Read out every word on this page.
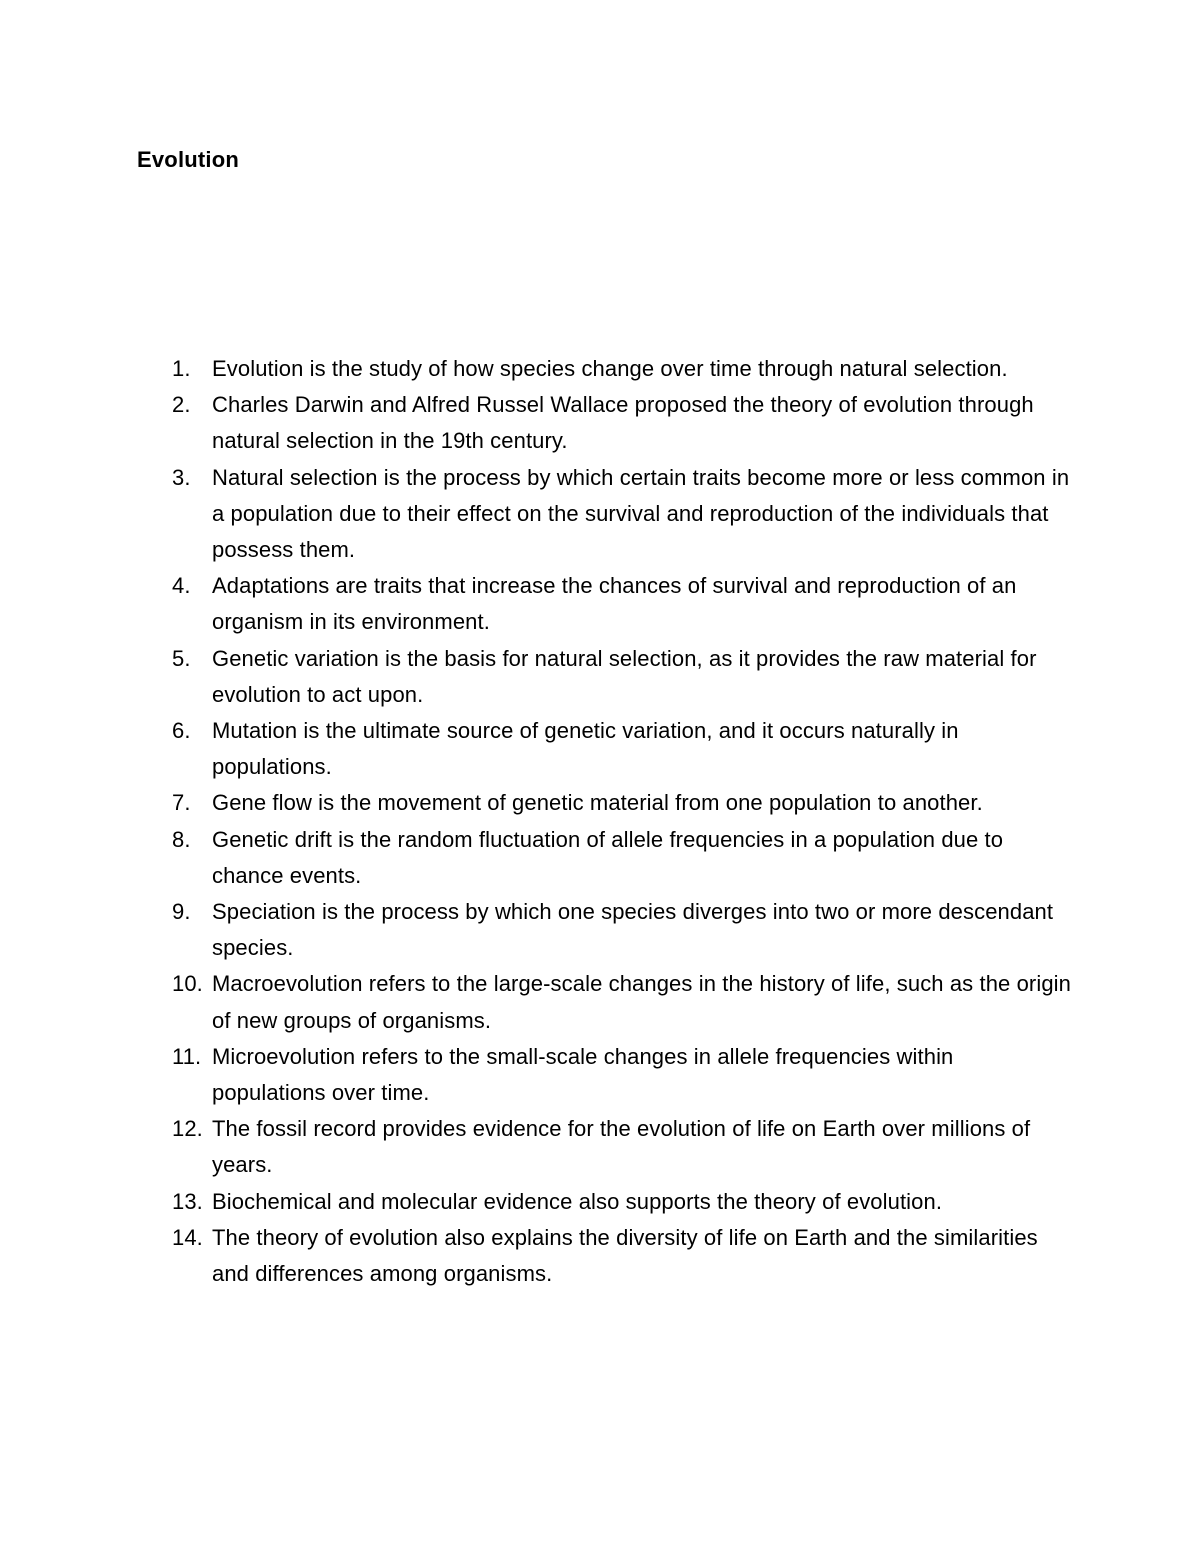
Evolution
1. Evolution is the study of how species change over time through natural selection.
2. Charles Darwin and Alfred Russel Wallace proposed the theory of evolution through natural selection in the 19th century.
3. Natural selection is the process by which certain traits become more or less common in a population due to their effect on the survival and reproduction of the individuals that possess them.
4. Adaptations are traits that increase the chances of survival and reproduction of an organism in its environment.
5. Genetic variation is the basis for natural selection, as it provides the raw material for evolution to act upon.
6. Mutation is the ultimate source of genetic variation, and it occurs naturally in populations.
7. Gene flow is the movement of genetic material from one population to another.
8. Genetic drift is the random fluctuation of allele frequencies in a population due to chance events.
9. Speciation is the process by which one species diverges into two or more descendant species.
10. Macroevolution refers to the large-scale changes in the history of life, such as the origin of new groups of organisms.
11. Microevolution refers to the small-scale changes in allele frequencies within populations over time.
12. The fossil record provides evidence for the evolution of life on Earth over millions of years.
13. Biochemical and molecular evidence also supports the theory of evolution.
14. The theory of evolution also explains the diversity of life on Earth and the similarities and differences among organisms.
